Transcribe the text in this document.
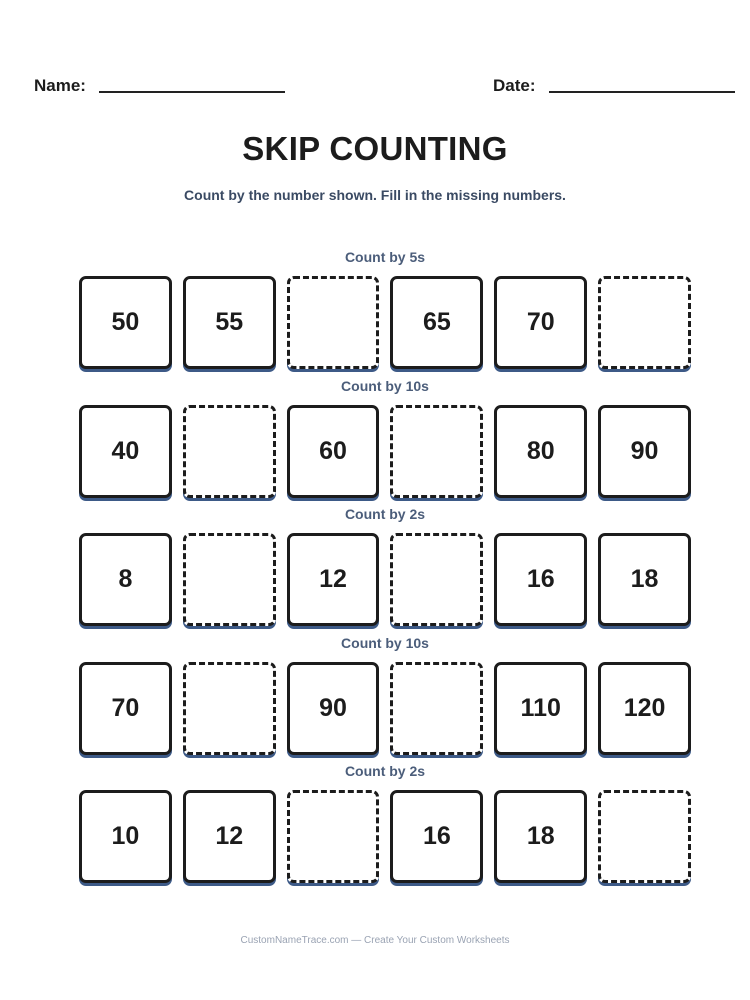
Name:	Date:
SKIP COUNTING
Count by the number shown. Fill in the missing numbers.
Count by 5s
50	55	65	70
Count by 10s
40	60	80	90
Count by 2s
8	12	16	18
Count by 10s
70	90	110	120
Count by 2s
10	12	16	18
CustomNameTrace.com — Create Your Custom Worksheets
